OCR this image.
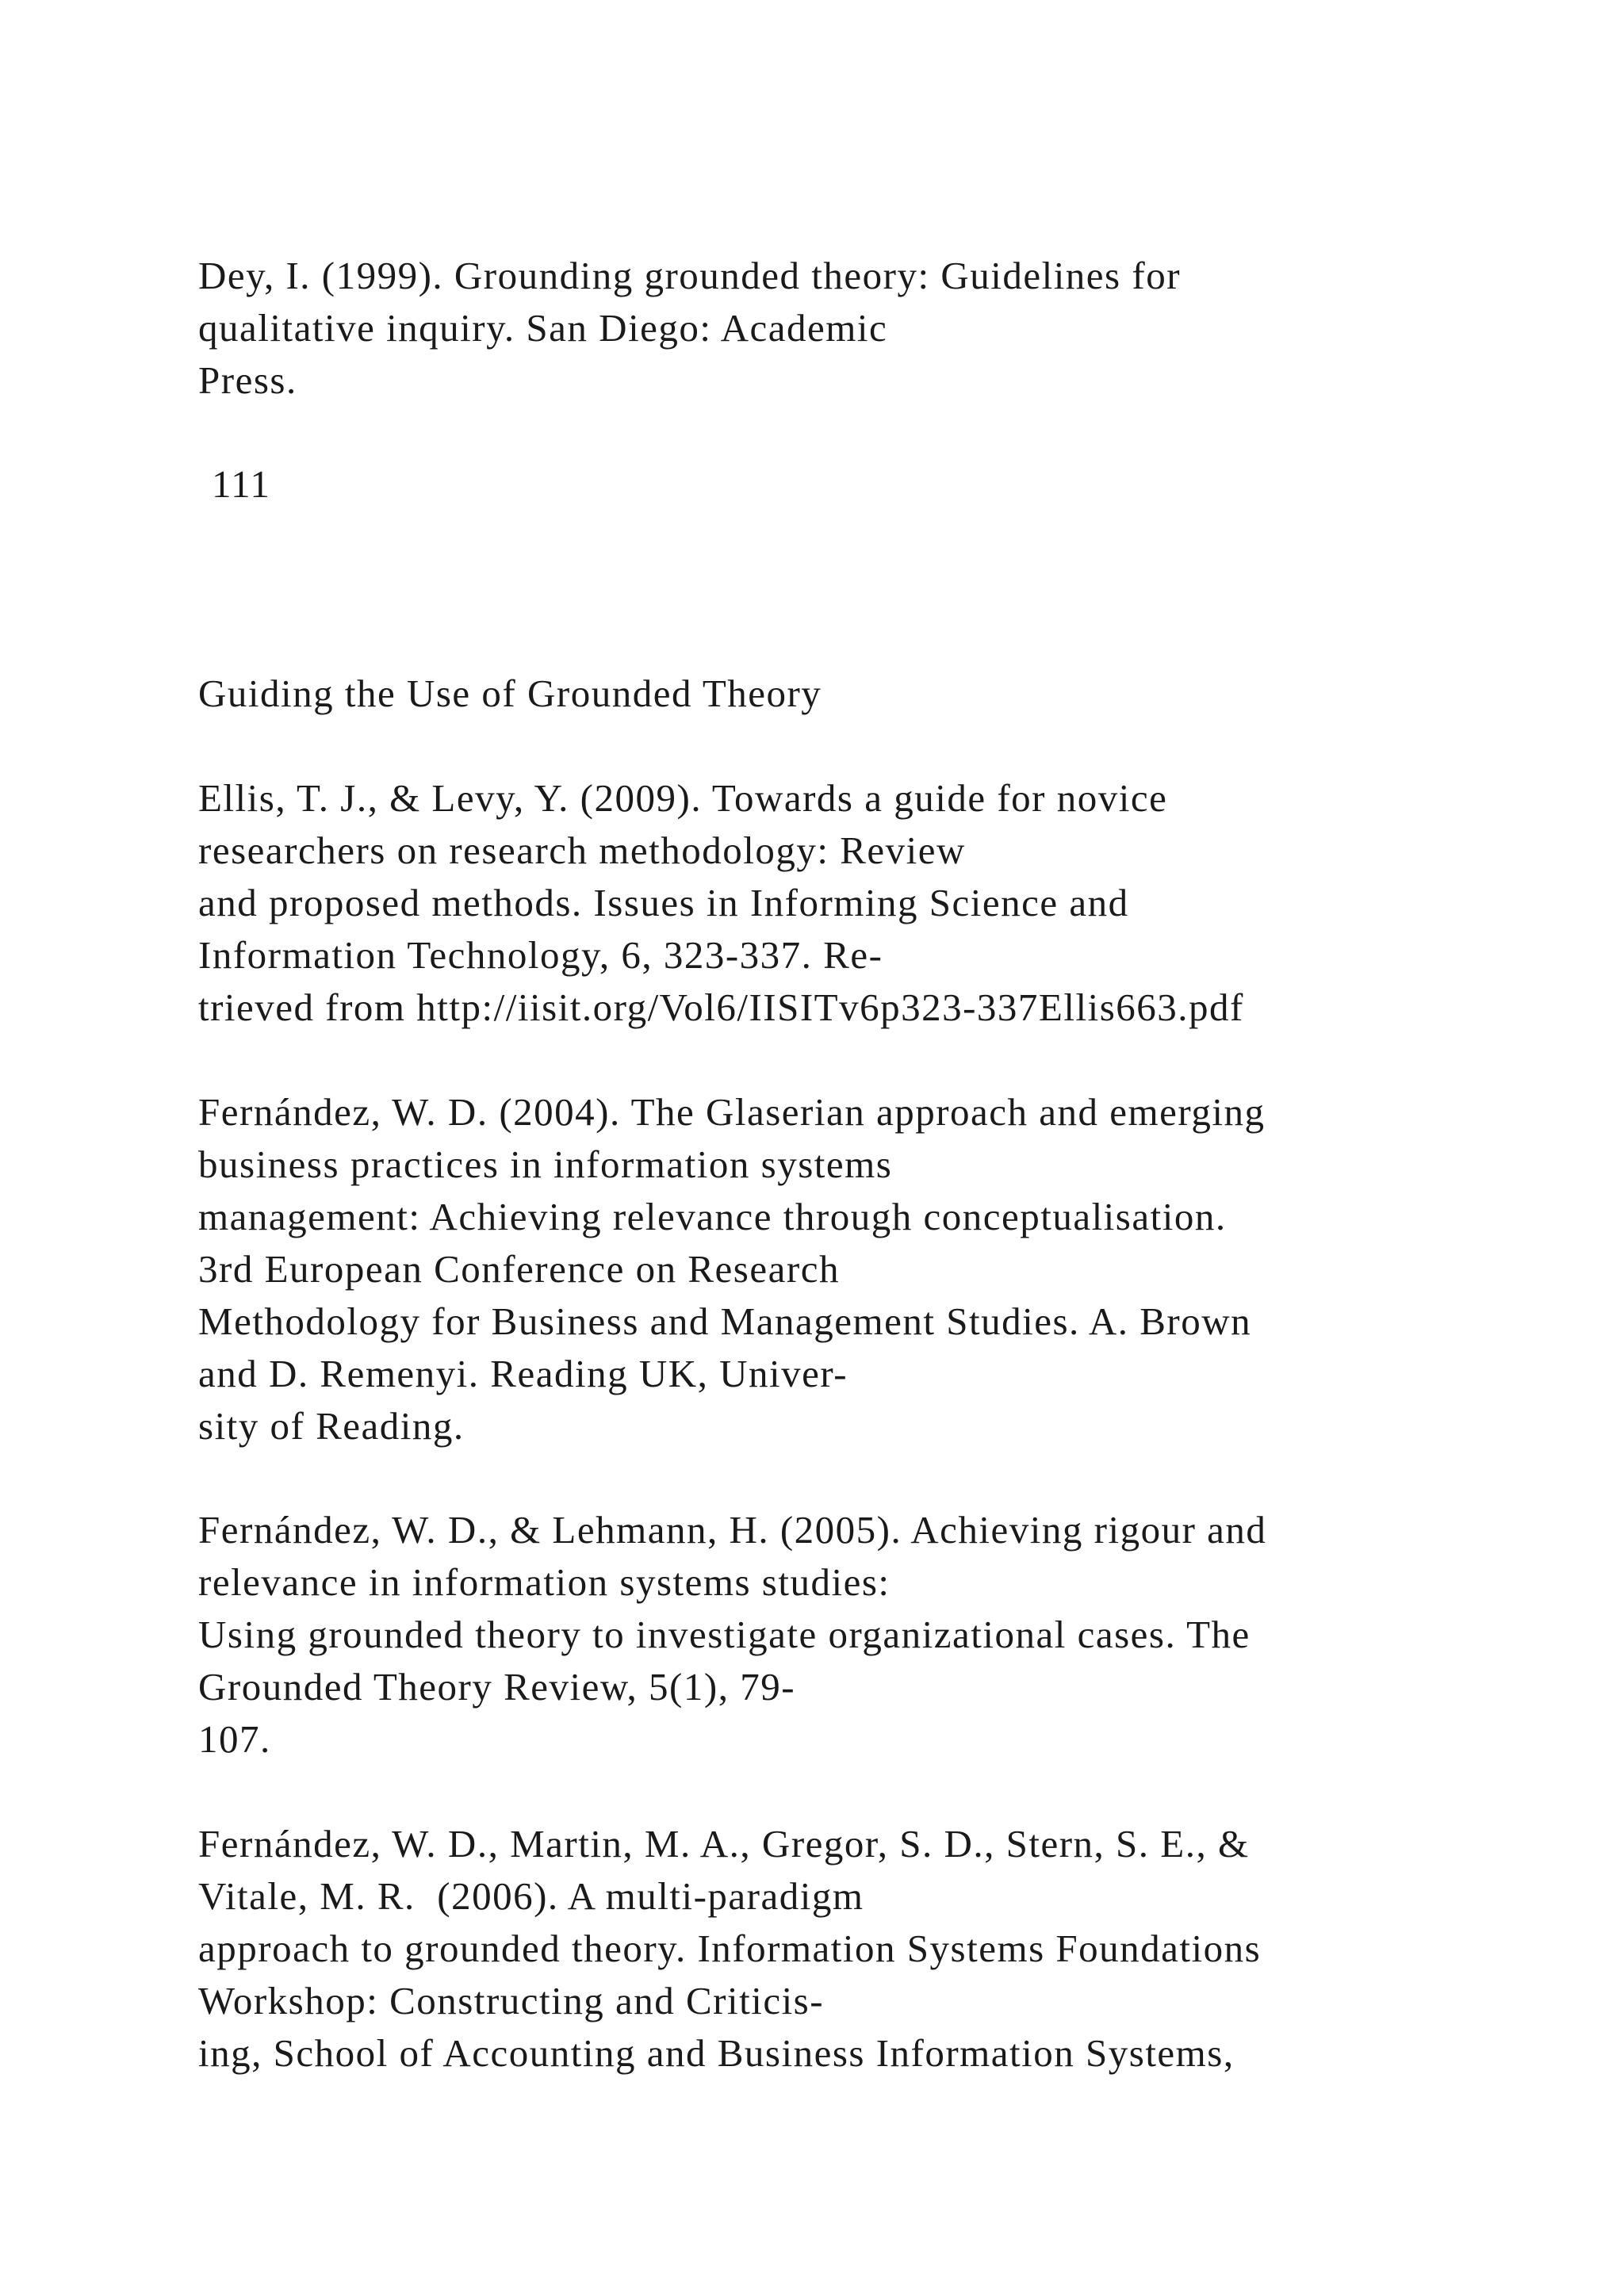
Dey, I. (1999). Grounding grounded theory: Guidelines for
qualitative inquiry. San Diego: Academic
Press.
111
Guiding the Use of Grounded Theory
Ellis, T. J., & Levy, Y. (2009). Towards a guide for novice
researchers on research methodology: Review
and proposed methods. Issues in Informing Science and
Information Technology, 6, 323-337. Re-
trieved from http://iisit.org/Vol6/IISITv6p323-337Ellis663.pdf
Fernández, W. D. (2004). The Glaserian approach and emerging
business practices in information systems
management: Achieving relevance through conceptualisation.
3rd European Conference on Research
Methodology for Business and Management Studies. A. Brown
and D. Remenyi. Reading UK, Univer-
sity of Reading.
Fernández, W. D., & Lehmann, H. (2005). Achieving rigour and
relevance in information systems studies:
Using grounded theory to investigate organizational cases. The
Grounded Theory Review, 5(1), 79-
107.
Fernández, W. D., Martin, M. A., Gregor, S. D., Stern, S. E., &
Vitale, M. R.  (2006). A multi-paradigm
approach to grounded theory. Information Systems Foundations
Workshop: Constructing and Criticis-
ing, School of Accounting and Business Information Systems,
